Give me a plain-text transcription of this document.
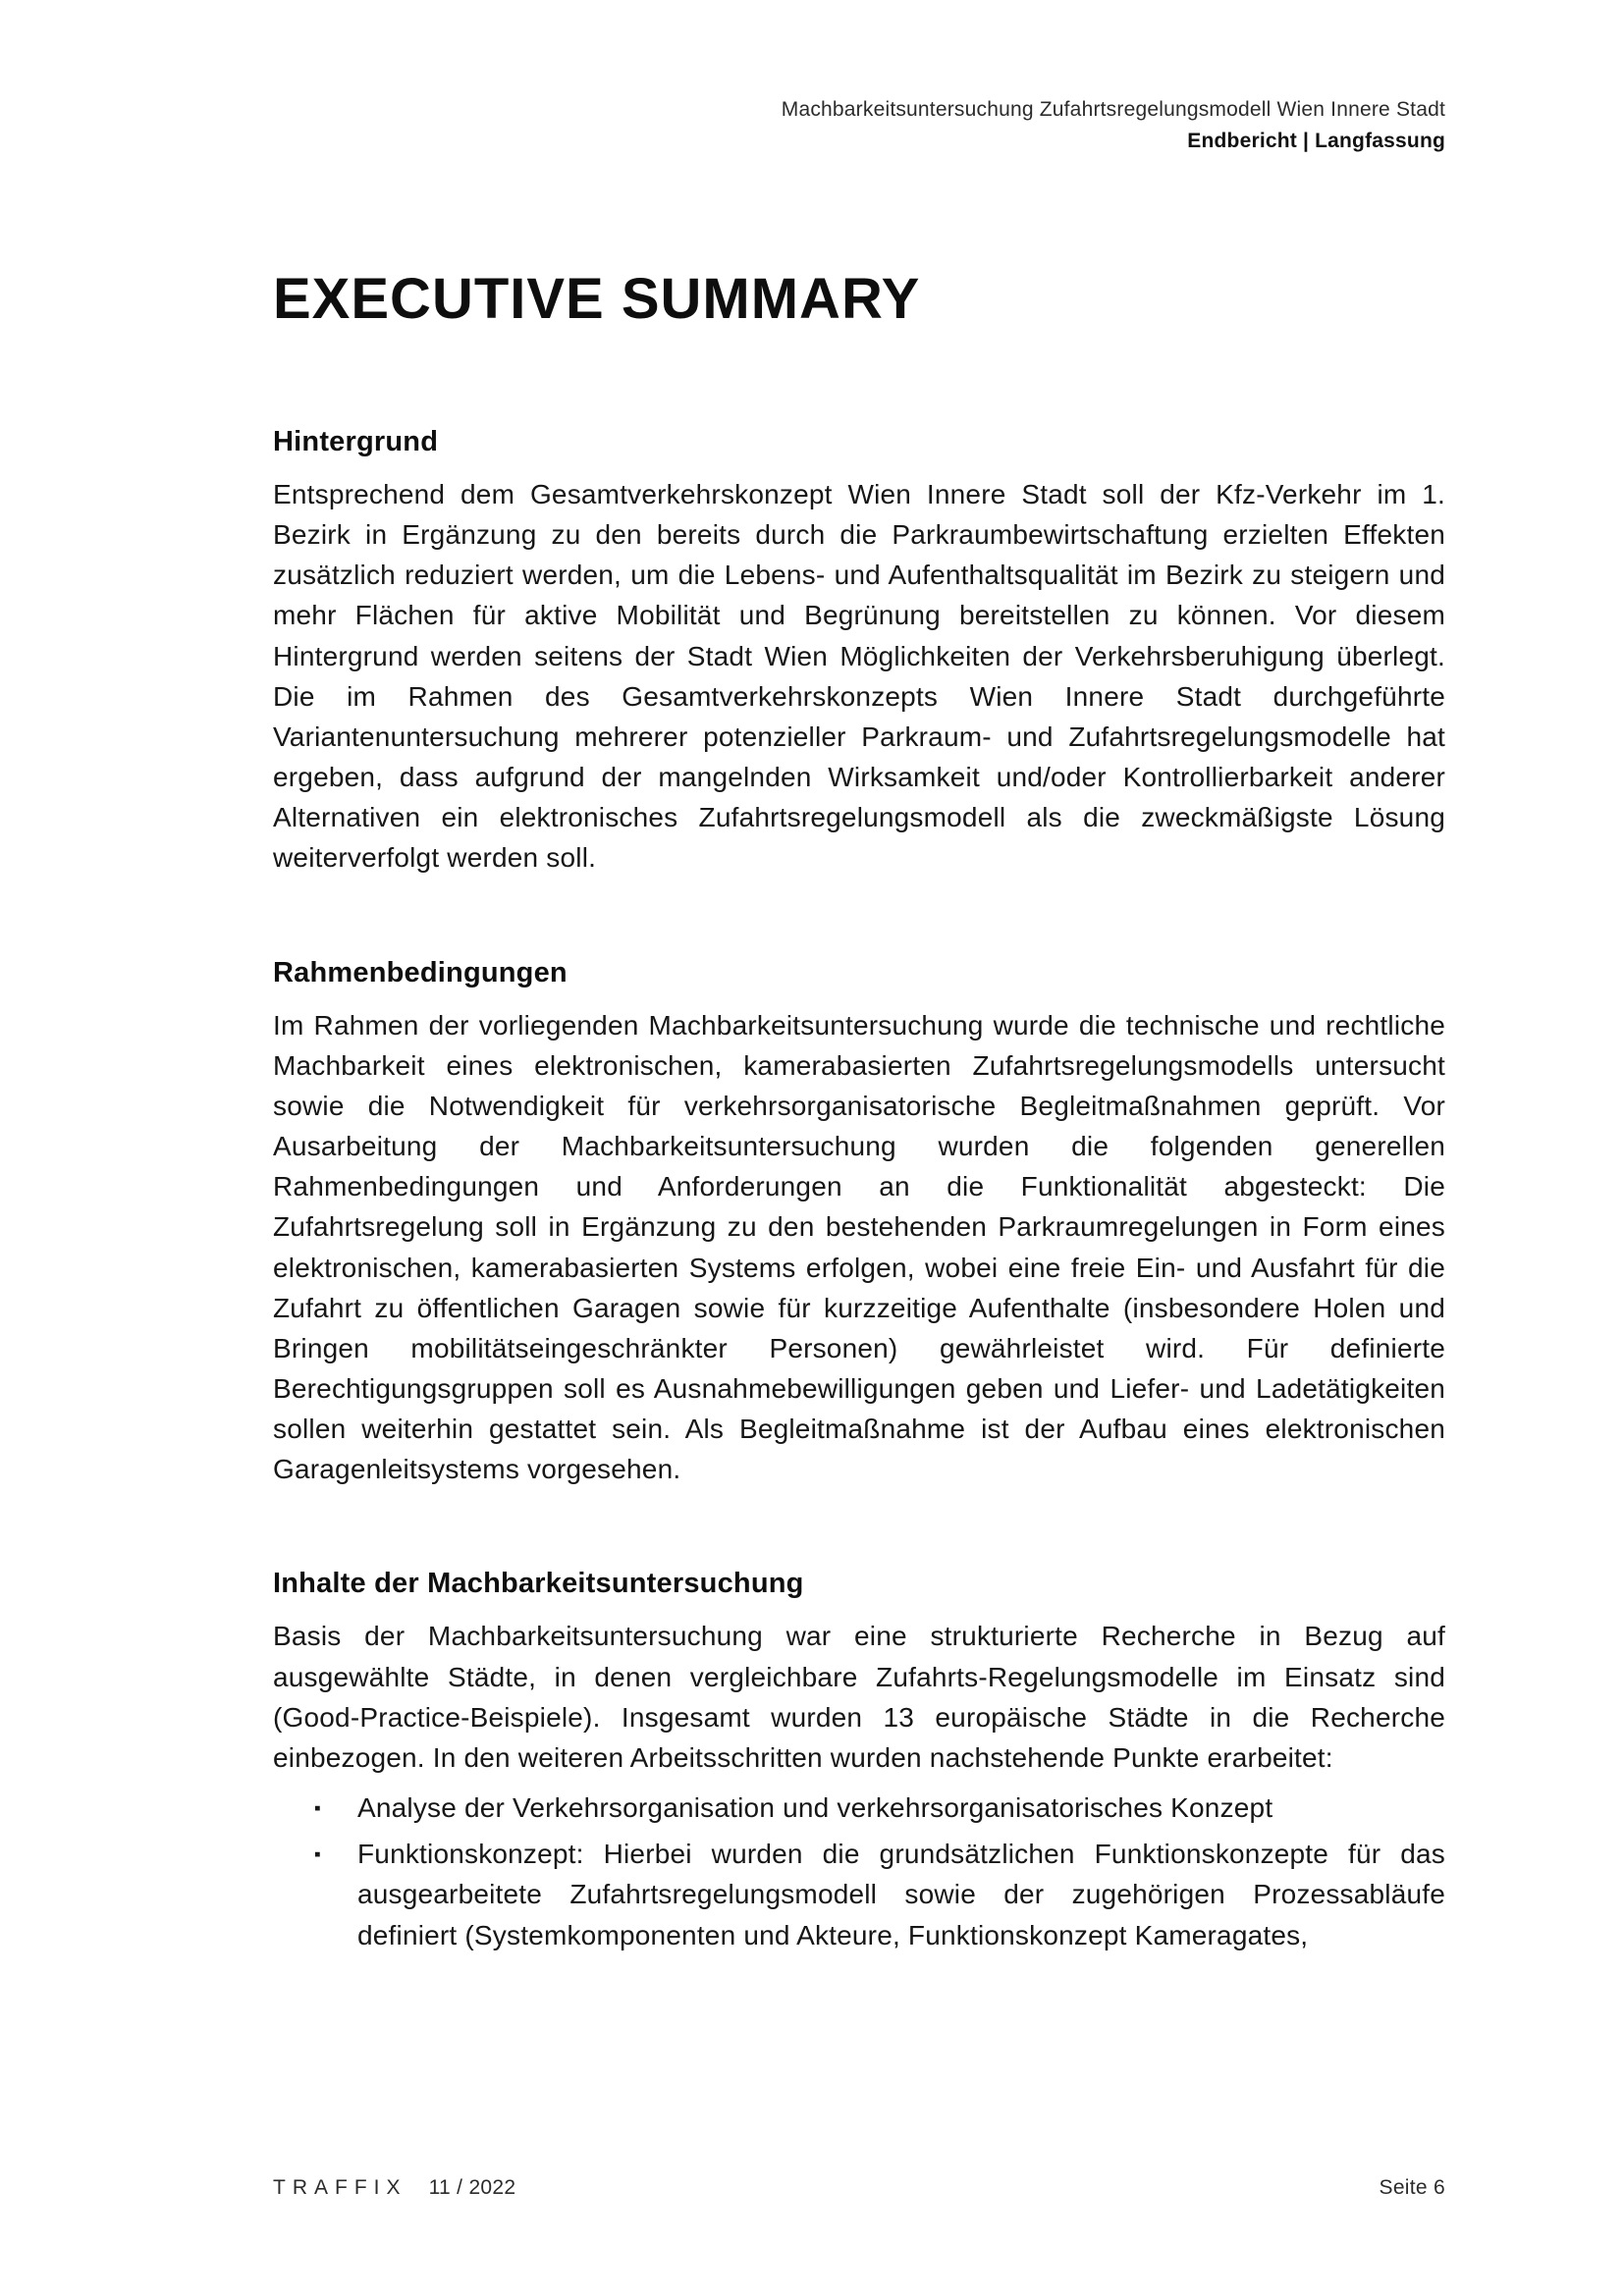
Machbarkeitsuntersuchung Zufahrtsregelungsmodell Wien Innere Stadt
Endbericht | Langfassung
EXECUTIVE SUMMARY
Hintergrund

Entsprechend dem Gesamtverkehrskonzept Wien Innere Stadt soll der Kfz-Verkehr im 1. Bezirk in Ergänzung zu den bereits durch die Parkraumbewirtschaftung erzielten Effekten zusätzlich reduziert werden, um die Lebens- und Aufenthaltsqualität im Bezirk zu steigern und mehr Flächen für aktive Mobilität und Begrünung bereitstellen zu können. Vor diesem Hintergrund werden seitens der Stadt Wien Möglichkeiten der Verkehrsberuhigung überlegt. Die im Rahmen des Gesamtverkehrskonzepts Wien Innere Stadt durchgeführte Variantenuntersuchung mehrerer potenzieller Parkraum- und Zufahrtsregelungsmodelle hat ergeben, dass aufgrund der mangelnden Wirksamkeit und/oder Kontrollierbarkeit anderer Alternativen ein elektronisches Zufahrtsregelungsmodell als die zweckmäßigste Lösung weiterverfolgt werden soll.

Rahmenbedingungen

Im Rahmen der vorliegenden Machbarkeitsuntersuchung wurde die technische und rechtliche Machbarkeit eines elektronischen, kamerabasierten Zufahrtsregelungsmodells untersucht sowie die Notwendigkeit für verkehrsorganisatorische Begleitmaßnahmen geprüft. Vor Ausarbeitung der Machbarkeitsuntersuchung wurden die folgenden generellen Rahmenbedingungen und Anforderungen an die Funktionalität abgesteckt: Die Zufahrtsregelung soll in Ergänzung zu den bestehenden Parkraumregelungen in Form eines elektronischen, kamerabasierten Systems erfolgen, wobei eine freie Ein- und Ausfahrt für die Zufahrt zu öffentlichen Garagen sowie für kurzzeitige Aufenthalte (insbesondere Holen und Bringen mobilitätseingeschränkter Personen) gewährleistet wird. Für definierte Berechtigungsgruppen soll es Ausnahmebewilligungen geben und Liefer- und Ladetätigkeiten sollen weiterhin gestattet sein. Als Begleitmaßnahme ist der Aufbau eines elektronischen Garagenleitsystems vorgesehen.

Inhalte der Machbarkeitsuntersuchung

Basis der Machbarkeitsuntersuchung war eine strukturierte Recherche in Bezug auf ausgewählte Städte, in denen vergleichbare Zufahrts-Regelungsmodelle im Einsatz sind (Good-Practice-Beispiele). Insgesamt wurden 13 europäische Städte in die Recherche einbezogen. In den weiteren Arbeitsschritten wurden nachstehende Punkte erarbeitet:

▪ Analyse der Verkehrsorganisation und verkehrsorganisatorisches Konzept
▪ Funktionskonzept: Hierbei wurden die grundsätzlichen Funktionskonzepte für das ausgearbeitete Zufahrtsregelungsmodell sowie der zugehörigen Prozessabläufe definiert (Systemkomponenten und Akteure, Funktionskonzept Kameragates,
TRAFFIX 11 / 2022	Seite 6
